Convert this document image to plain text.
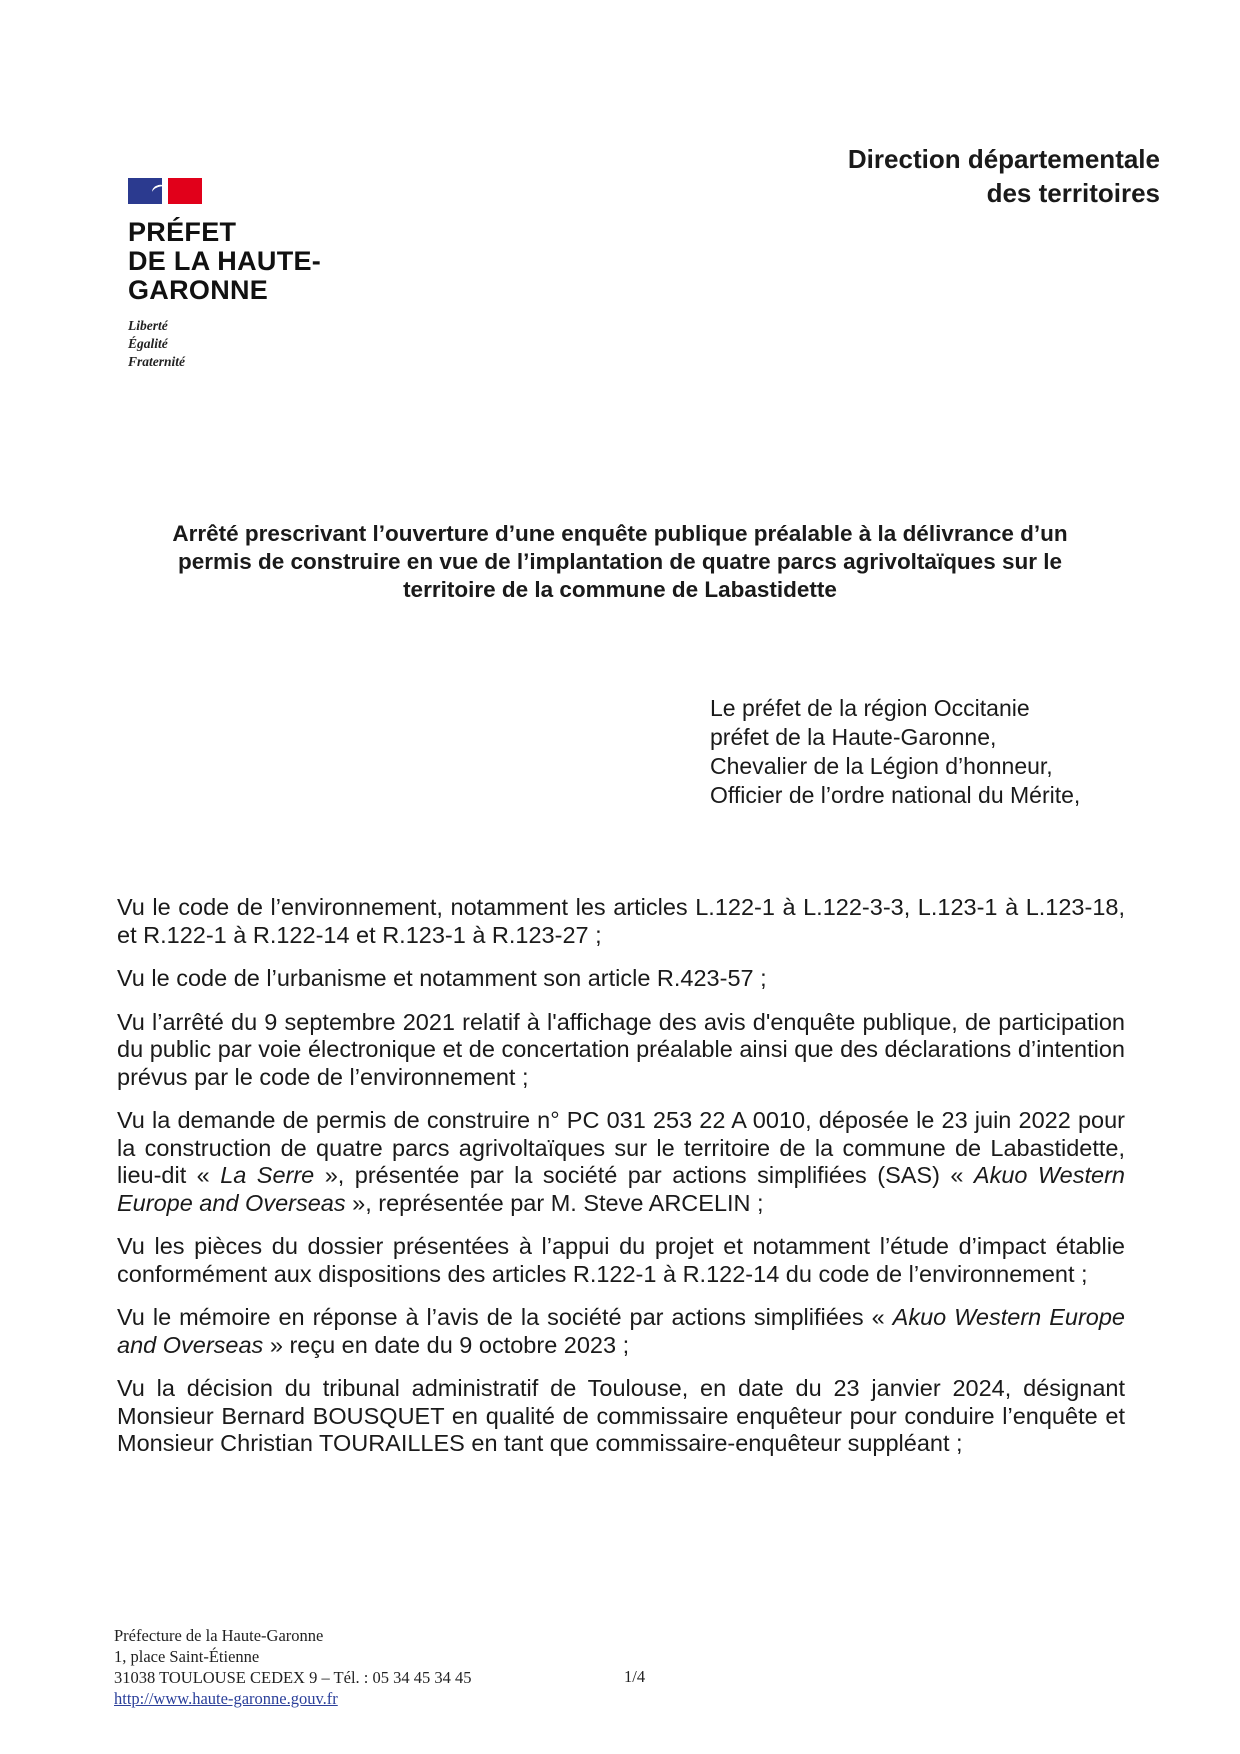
PRÉFET
DE LA HAUTE-
GARONNE
Liberté
Égalité
Fraternité
Direction départementale
des territoires
Arrêté prescrivant l’ouverture d’une enquête publique préalable à la délivrance d’un
permis de construire en vue de l’implantation de quatre parcs agrivoltaïques sur le
territoire de la commune de Labastidette
Le préfet de la région Occitanie
préfet de la Haute-Garonne,
Chevalier de la Légion d’honneur,
Officier de l’ordre national du Mérite,

Vu le code de l’environnement, notamment les articles L.122-1 à L.122-3-3, L.123-1 à L.123-18, et R.122-1 à R.122-14 et R.123-1 à R.123-27 ;

Vu le code de l’urbanisme et notamment son article R.423-57 ;

Vu l’arrêté du 9 septembre 2021 relatif à l'affichage des avis d'enquête publique, de participation du public par voie électronique et de concertation préalable ainsi que des déclarations d’intention prévus par le code de l’environnement ;

Vu la demande de permis de construire n° PC 031 253 22 A 0010, déposée le 23 juin 2022 pour la construction de quatre parcs agrivoltaïques sur le territoire de la commune de Labastidette, lieu-dit « La Serre », présentée par la société par actions simplifiées (SAS) « Akuo Western Europe and Overseas », représentée par M. Steve ARCELIN ;

Vu les pièces du dossier présentées à l’appui du projet et notamment l’étude d’impact établie conformément aux dispositions des articles R.122-1 à R.122-14 du code de l’environnement ;

Vu le mémoire en réponse à l’avis de la société par actions simplifiées « Akuo Western Europe and Overseas » reçu en date du 9 octobre 2023 ;

Vu la décision du tribunal administratif de Toulouse, en date du 23 janvier 2024, désignant Monsieur Bernard BOUSQUET en qualité de commissaire enquêteur pour conduire l’enquête et Monsieur Christian TOURAILLES en tant que commissaire-enquêteur suppléant ;

Préfecture de la Haute-Garonne
1, place Saint-Étienne
31038 TOULOUSE CEDEX 9 – Tél. : 05 34 45 34 45
http://www.haute-garonne.gouv.fr
1/4
